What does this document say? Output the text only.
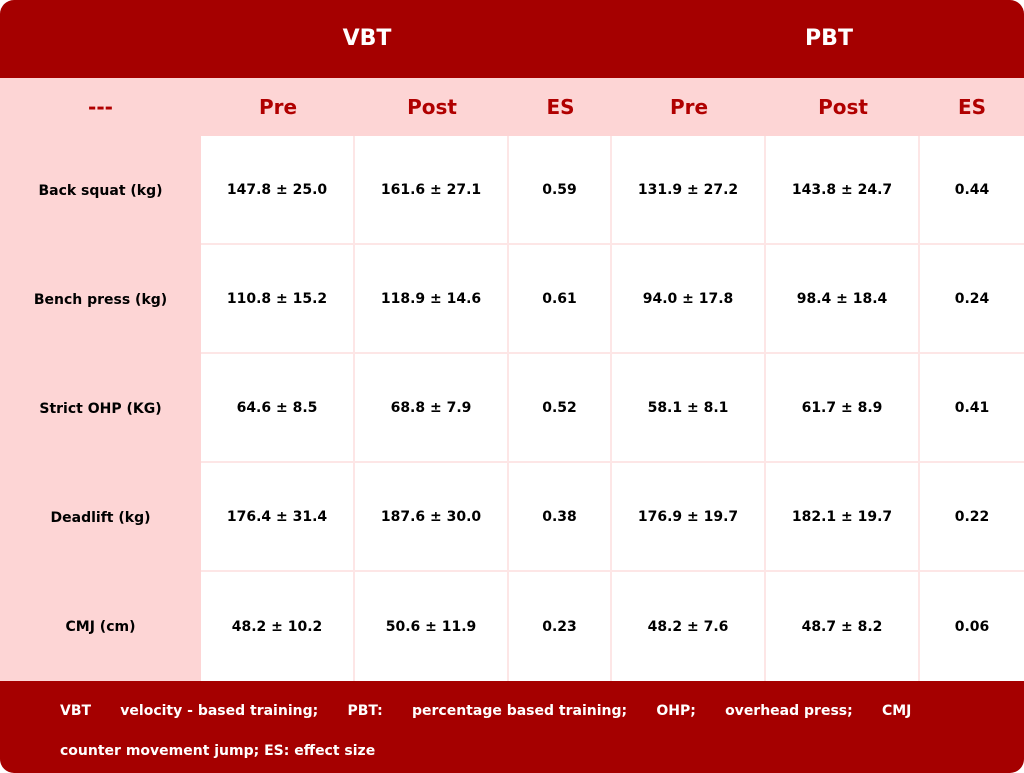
VBT	PBT
---	Pre	Post	ES	Pre	Post	ES
Back squat (kg)	147.8 ± 25.0	161.6 ± 27.1	0.59	131.9 ± 27.2	143.8 ± 24.7	0.44
Bench press (kg)	110.8 ± 15.2	118.9 ± 14.6	0.61	94.0 ± 17.8	98.4 ± 18.4	0.24
Strict OHP (KG)	64.6 ± 8.5	68.8 ± 7.9	0.52	58.1 ± 8.1	61.7 ± 8.9	0.41
Deadlift (kg)	176.4 ± 31.4	187.6 ± 30.0	0.38	176.9 ± 19.7	182.1 ± 19.7	0.22
CMJ (cm)	48.2 ± 10.2	50.6 ± 11.9	0.23	48.2 ± 7.6	48.7 ± 8.2	0.06
VBT      velocity - based training;      PBT:      percentage based training;      OHP;      overhead press;      CMJ
counter movement jump; ES: effect size
